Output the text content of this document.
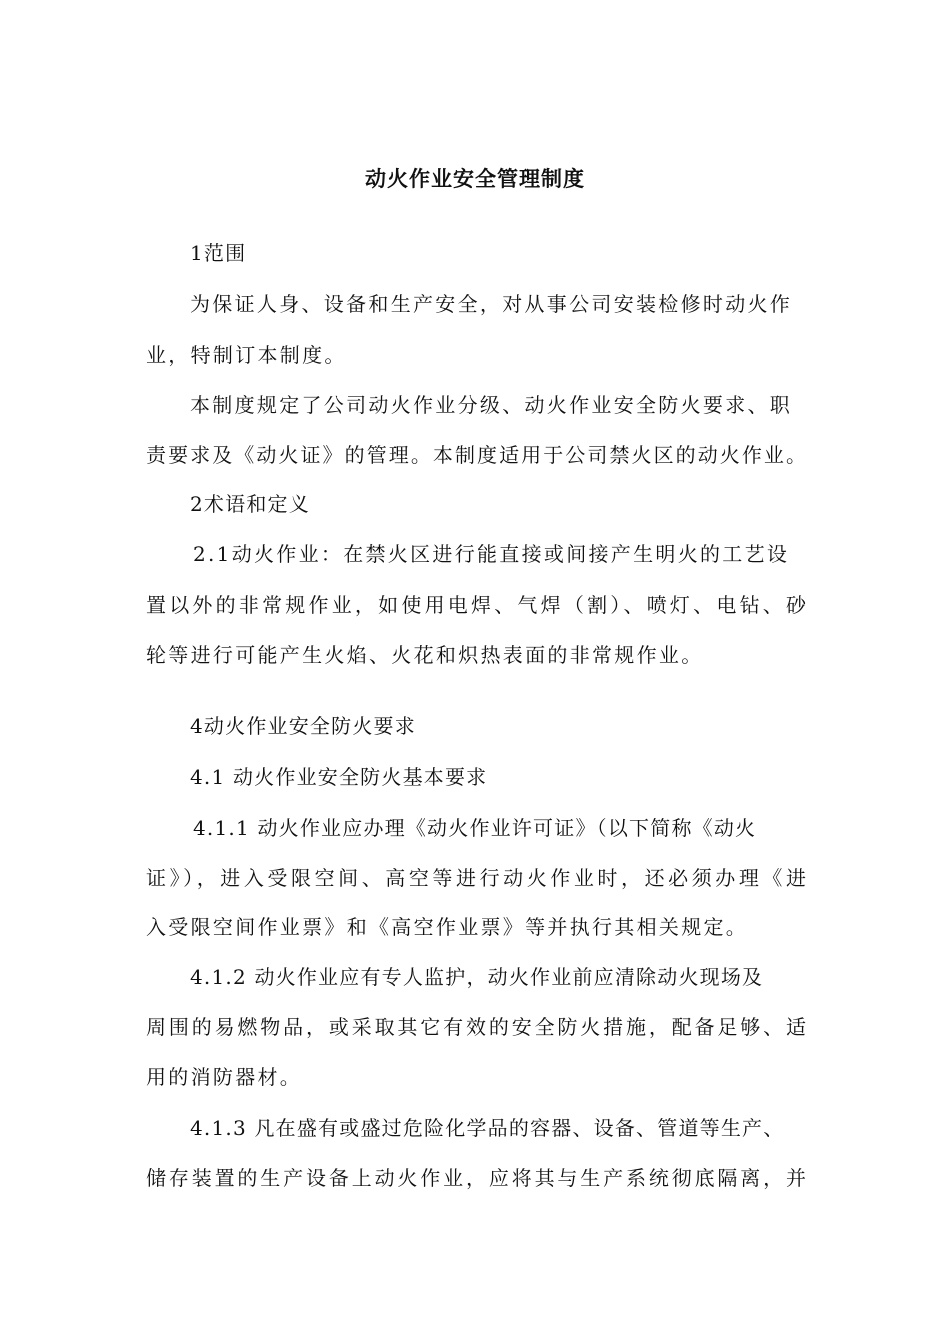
动火作业安全管理制度
1范围
为保证人身、设备和生产安全，对从事公司安装检修时动火作
业，特制订本制度。
本制度规定了公司动火作业分级、动火作业安全防火要求、职
责要求及《动火证》的管理。本制度适用于公司禁火区的动火作业。
2术语和定义
2.1动火作业：在禁火区进行能直接或间接产生明火的工艺设
置以外的非常规作业，如使用电焊、气焊（割）、喷灯、电钻、砂
轮等进行可能产生火焰、火花和炽热表面的非常规作业。
4动火作业安全防火要求
4.1 动火作业安全防火基本要求
4.1.1 动火作业应办理《动火作业许可证》（以下简称《动火
证》），进入受限空间、高空等进行动火作业时，还必须办理《进
入受限空间作业票》和《高空作业票》等并执行其相关规定。
4.1.2 动火作业应有专人监护，动火作业前应清除动火现场及
周围的易燃物品，或采取其它有效的安全防火措施，配备足够、适
用的消防器材。
4.1.3 凡在盛有或盛过危险化学品的容器、设备、管道等生产、
储存装置的生产设备上动火作业，应将其与生产系统彻底隔离，并
